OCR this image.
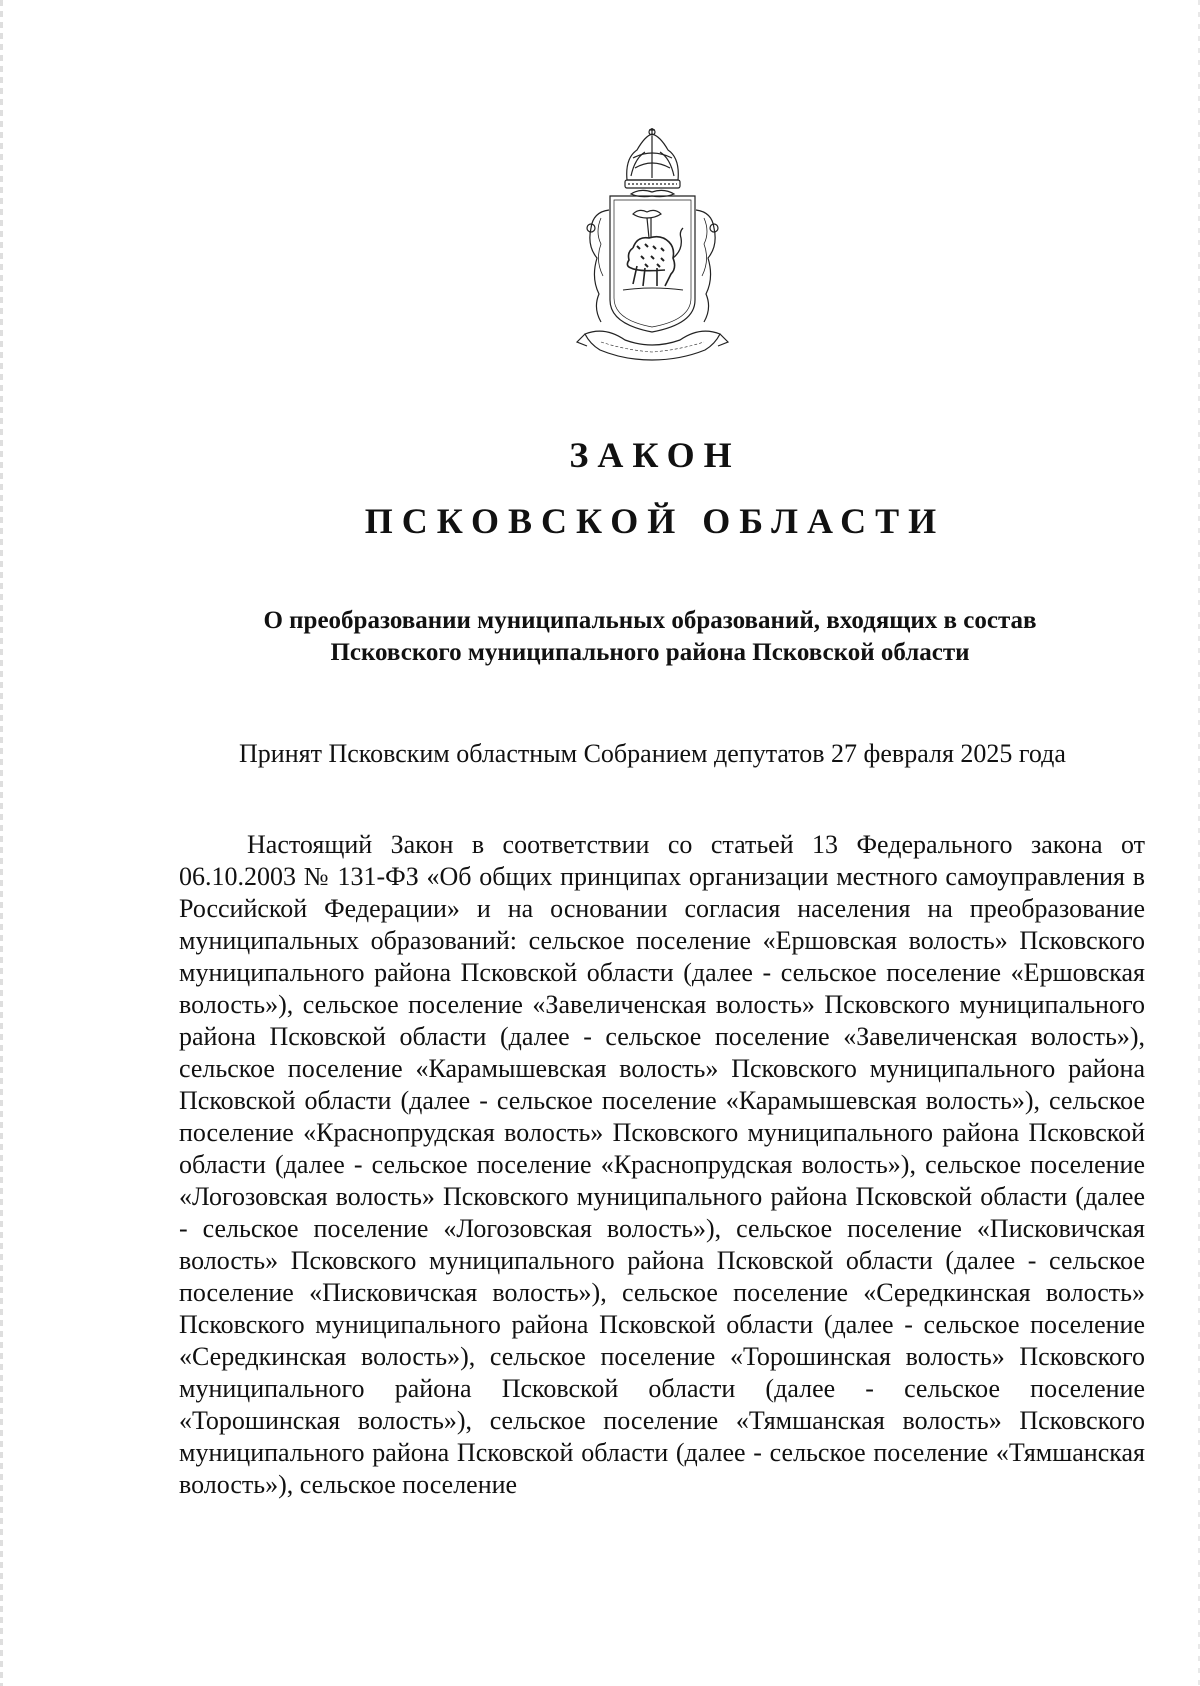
ЗАКОН
ПСКОВСКОЙ ОБЛАСТИ

О преобразовании муниципальных образований, входящих в состав
Псковского муниципального района Псковской области

Принят Псковским областным Собранием депутатов 27 февраля 2025 года

Настоящий Закон в соответствии со статьей 13 Федерального закона от 06.10.2003 № 131-ФЗ «Об общих принципах организации местного самоуправления в Российской Федерации» и на основании согласия населения на преобразование муниципальных образований: сельское поселение «Ершовская волость» Псковского муниципального района Псковской области (далее - сельское поселение «Ершовская волость»), сельское поселение «Завеличенская волость» Псковского муниципального района Псковской области (далее - сельское поселение «Завеличенская волость»), сельское поселение «Карамышевская волость» Псковского муниципального района Псковской области (далее - сельское поселение «Карамышевская волость»), сельское поселение «Краснопрудская волость» Псковского муниципального района Псковской области (далее - сельское поселение «Краснопрудская волость»), сельское поселение «Логозовская волость» Псковского муниципального района Псковской области (далее - сельское поселение «Логозовская волость»), сельское поселение «Писковичская волость» Псковского муниципального района Псковской области (далее - сельское поселение «Писковичская волость»), сельское поселение «Середкинская волость» Псковского муниципального района Псковской области (далее - сельское поселение «Середкинская волость»), сельское поселение «Торошинская волость» Псковского муниципального района Псковской области (далее - сельское поселение «Торошинская волость»), сельское поселение «Тямшанская волость» Псковского муниципального района Псковской области (далее - сельское поселение «Тямшанская волость»), сельское поселение
